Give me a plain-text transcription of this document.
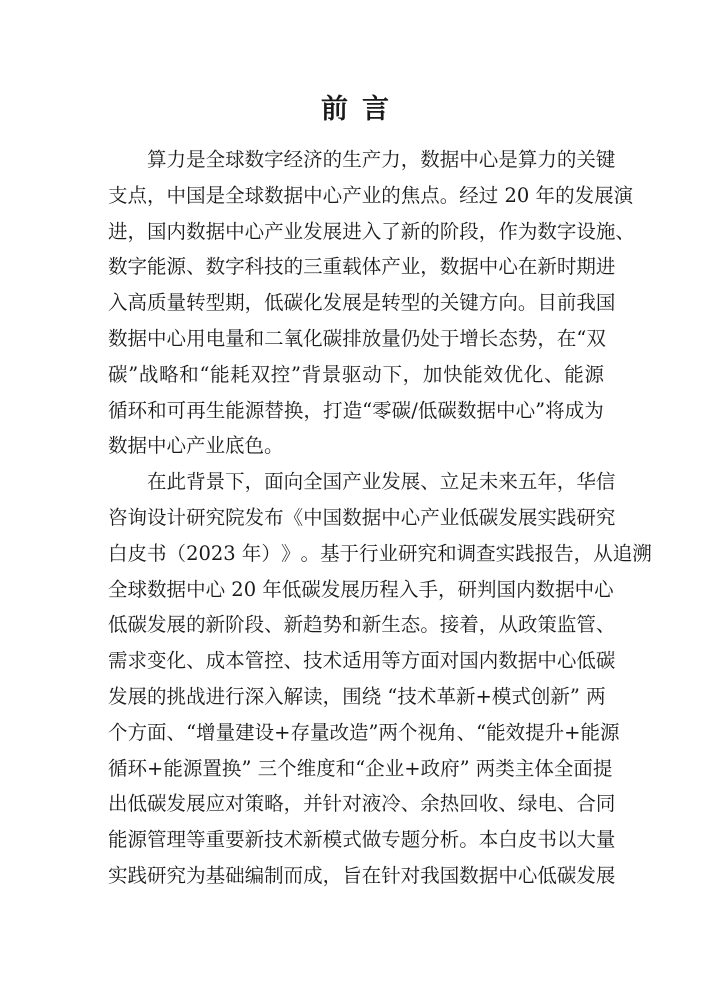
前言

算 力 是 全 球 数 字 经 济 的 生 产 力 ， 数 据 中 心 是 算 力 的 关 键
支 点 ， 中 国 是 全 球 数 据 中 心 产 业 的 焦 点 。 经 过
20
年 的 发 展 演
进 ， 国 内 数 据 中 心 产 业 发 展 进 入 了 新 的 阶 段 ， 作 为 数 字 设 施 、
数 字 能 源 、 数 字 科 技 的 三 重 载 体 产 业 ， 数 据 中 心 在 新 时 期 进
入 高 质 量 转 型 期 ， 低 碳 化 发 展 是 转 型 的 关 键 方 向 。 目 前 我 国
数 据 中 心 用 电 量 和 二 氧 化 碳 排 放 量 仍 处 于 增 长 态 势 ， 在 “ 双
碳 ” 战 略 和 “ 能 耗 双 控 ” 背 景 驱 动 下 ， 加 快 能 效 优 化 、 能 源
循 环 和 可 再 生 能 源 替 换 ， 打 造 “ 零 碳 / 低 碳 数 据 中 心 ” 将 成 为
数据中心产业底色。

在 此 背 景 下 ， 面 向 全 国 产 业 发 展 、 立 足 未 来 五 年 ， 华 信
咨 询 设 计 研 究 院 发 布 《 中 国 数 据 中 心 产 业 低 碳 发 展 实 践 研 究
白 皮 书 （ 2023
年 ） 》 。 基 于 行 业 研 究 和 调 查 实 践 报 告 ， 从 追 溯
全 球 数 据 中 心
20
年 低 碳 发 展 历 程 入 手 ， 研 判 国 内 数 据 中 心
低 碳 发 展 的 新 阶 段 、 新 趋 势 和 新 生 态 。 接 着 ， 从 政 策 监 管 、
需 求 变 化 、 成 本 管 控 、 技 术 适 用 等 方 面 对 国 内 数 据 中 心 低 碳
发 展 的 挑 战 进 行 深 入 解 读 ， 围 绕
“ 技 术 革 新 + 模 式 创 新 ”
两
个 方 面 、 “ 增 量 建 设 + 存 量 改 造 ” 两 个 视 角 、 “ 能 效 提 升 + 能 源
循 环 + 能 源 置 换 ”
三 个 维 度 和 “ 企 业 + 政 府 ”
两 类 主 体 全 面 提
出 低 碳 发 展 应 对 策 略 ， 并 针 对 液 冷 、 余 热 回 收 、 绿 电 、 合 同
能 源 管 理 等 重 要 新 技 术 新 模 式 做 专 题 分 析 。 本 白 皮 书 以 大 量
实 践 研 究 为 基 础 编 制 而 成 ， 旨 在 针 对 我 国 数 据 中 心 低 碳 发 展
